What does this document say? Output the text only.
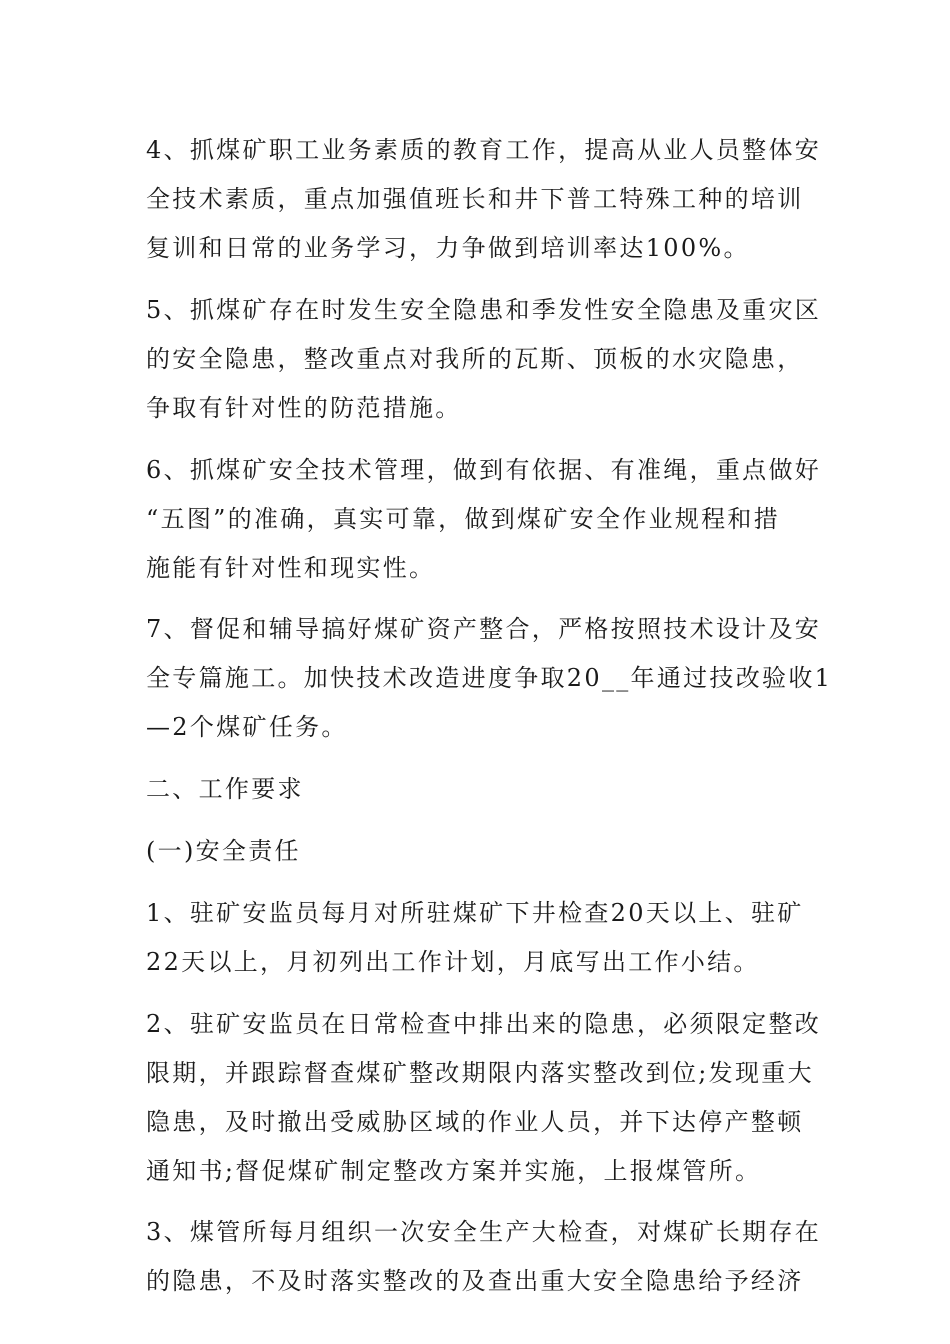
4、抓煤矿职工业务素质的教育工作，提高从业人员整体安
全技术素质，重点加强值班长和井下普工特殊工种的培训
复训和日常的业务学习，力争做到培训率达100%。
5、抓煤矿存在时发生安全隐患和季发性安全隐患及重灾区
的安全隐患，整改重点对我所的瓦斯、顶板的水灾隐患，
争取有针对性的防范措施。
6、抓煤矿安全技术管理，做到有依据、有准绳，重点做好
“五图”的准确，真实可靠，做到煤矿安全作业规程和措
施能有针对性和现实性。
7、督促和辅导搞好煤矿资产整合，严格按照技术设计及安
全专篇施工。加快技术改造进度争取20__年通过技改验收1
—2个煤矿任务。
二、工作要求
(一)安全责任
1、驻矿安监员每月对所驻煤矿下井检查20天以上、驻矿
22天以上，月初列出工作计划，月底写出工作小结。
2、驻矿安监员在日常检查中排出来的隐患，必须限定整改
限期，并跟踪督查煤矿整改期限内落实整改到位;发现重大
隐患，及时撤出受威胁区域的作业人员，并下达停产整顿
通知书;督促煤矿制定整改方案并实施，上报煤管所。
3、煤管所每月组织一次安全生产大检查，对煤矿长期存在
的隐患，不及时落实整改的及查出重大安全隐患给予经济
